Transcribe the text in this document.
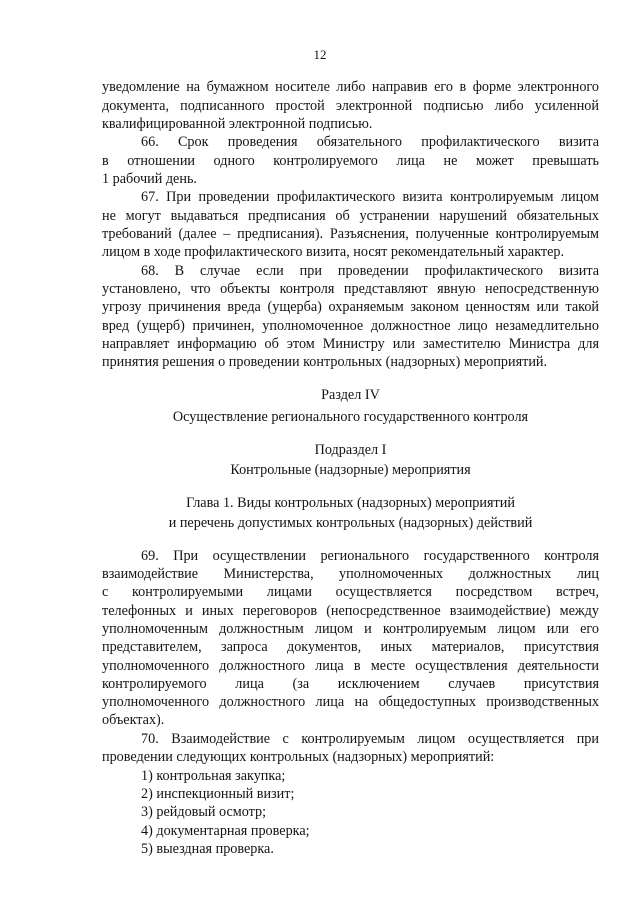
12
уведомление на бумажном носителе либо направив его в форме электронного
документа, подписанного простой электронной подписью либо усиленной
квалифицированной электронной подписью.
66. Срок проведения обязательного профилактического визита
в отношении одного контролируемого лица не может превышать
1 рабочий день.
67. При проведении профилактического визита контролируемым лицом
не могут выдаваться предписания об устранении нарушений обязательных
требований (далее – предписания). Разъяснения, полученные контролируемым
лицом в ходе профилактического визита, носят рекомендательный характер.
68. В случае если при проведении профилактического визита
установлено, что объекты контроля представляют явную непосредственную
угрозу причинения вреда (ущерба) охраняемым законом ценностям или такой
вред (ущерб) причинен, уполномоченное должностное лицо незамедлительно
направляет информацию об этом Министру или заместителю Министра для
принятия решения о проведении контрольных (надзорных) мероприятий.
Раздел IV
Осуществление регионального государственного контроля
Подраздел I
Контрольные (надзорные) мероприятия
Глава 1. Виды контрольных (надзорных) мероприятий
и перечень допустимых контрольных (надзорных) действий
69. При осуществлении регионального государственного контроля
взаимодействие Министерства, уполномоченных должностных лиц
с контролируемыми лицами осуществляется посредством встреч,
телефонных и иных переговоров (непосредственное взаимодействие) между
уполномоченным должностным лицом и контролируемым лицом или его
представителем, запроса документов, иных материалов, присутствия
уполномоченного должностного лица в месте осуществления деятельности
контролируемого лица (за исключением случаев присутствия
уполномоченного должностного лица на общедоступных производственных
объектах).
70. Взаимодействие с контролируемым лицом осуществляется при
проведении следующих контрольных (надзорных) мероприятий:
1) контрольная закупка;
2) инспекционный визит;
3) рейдовый осмотр;
4) документарная проверка;
5) выездная проверка.
